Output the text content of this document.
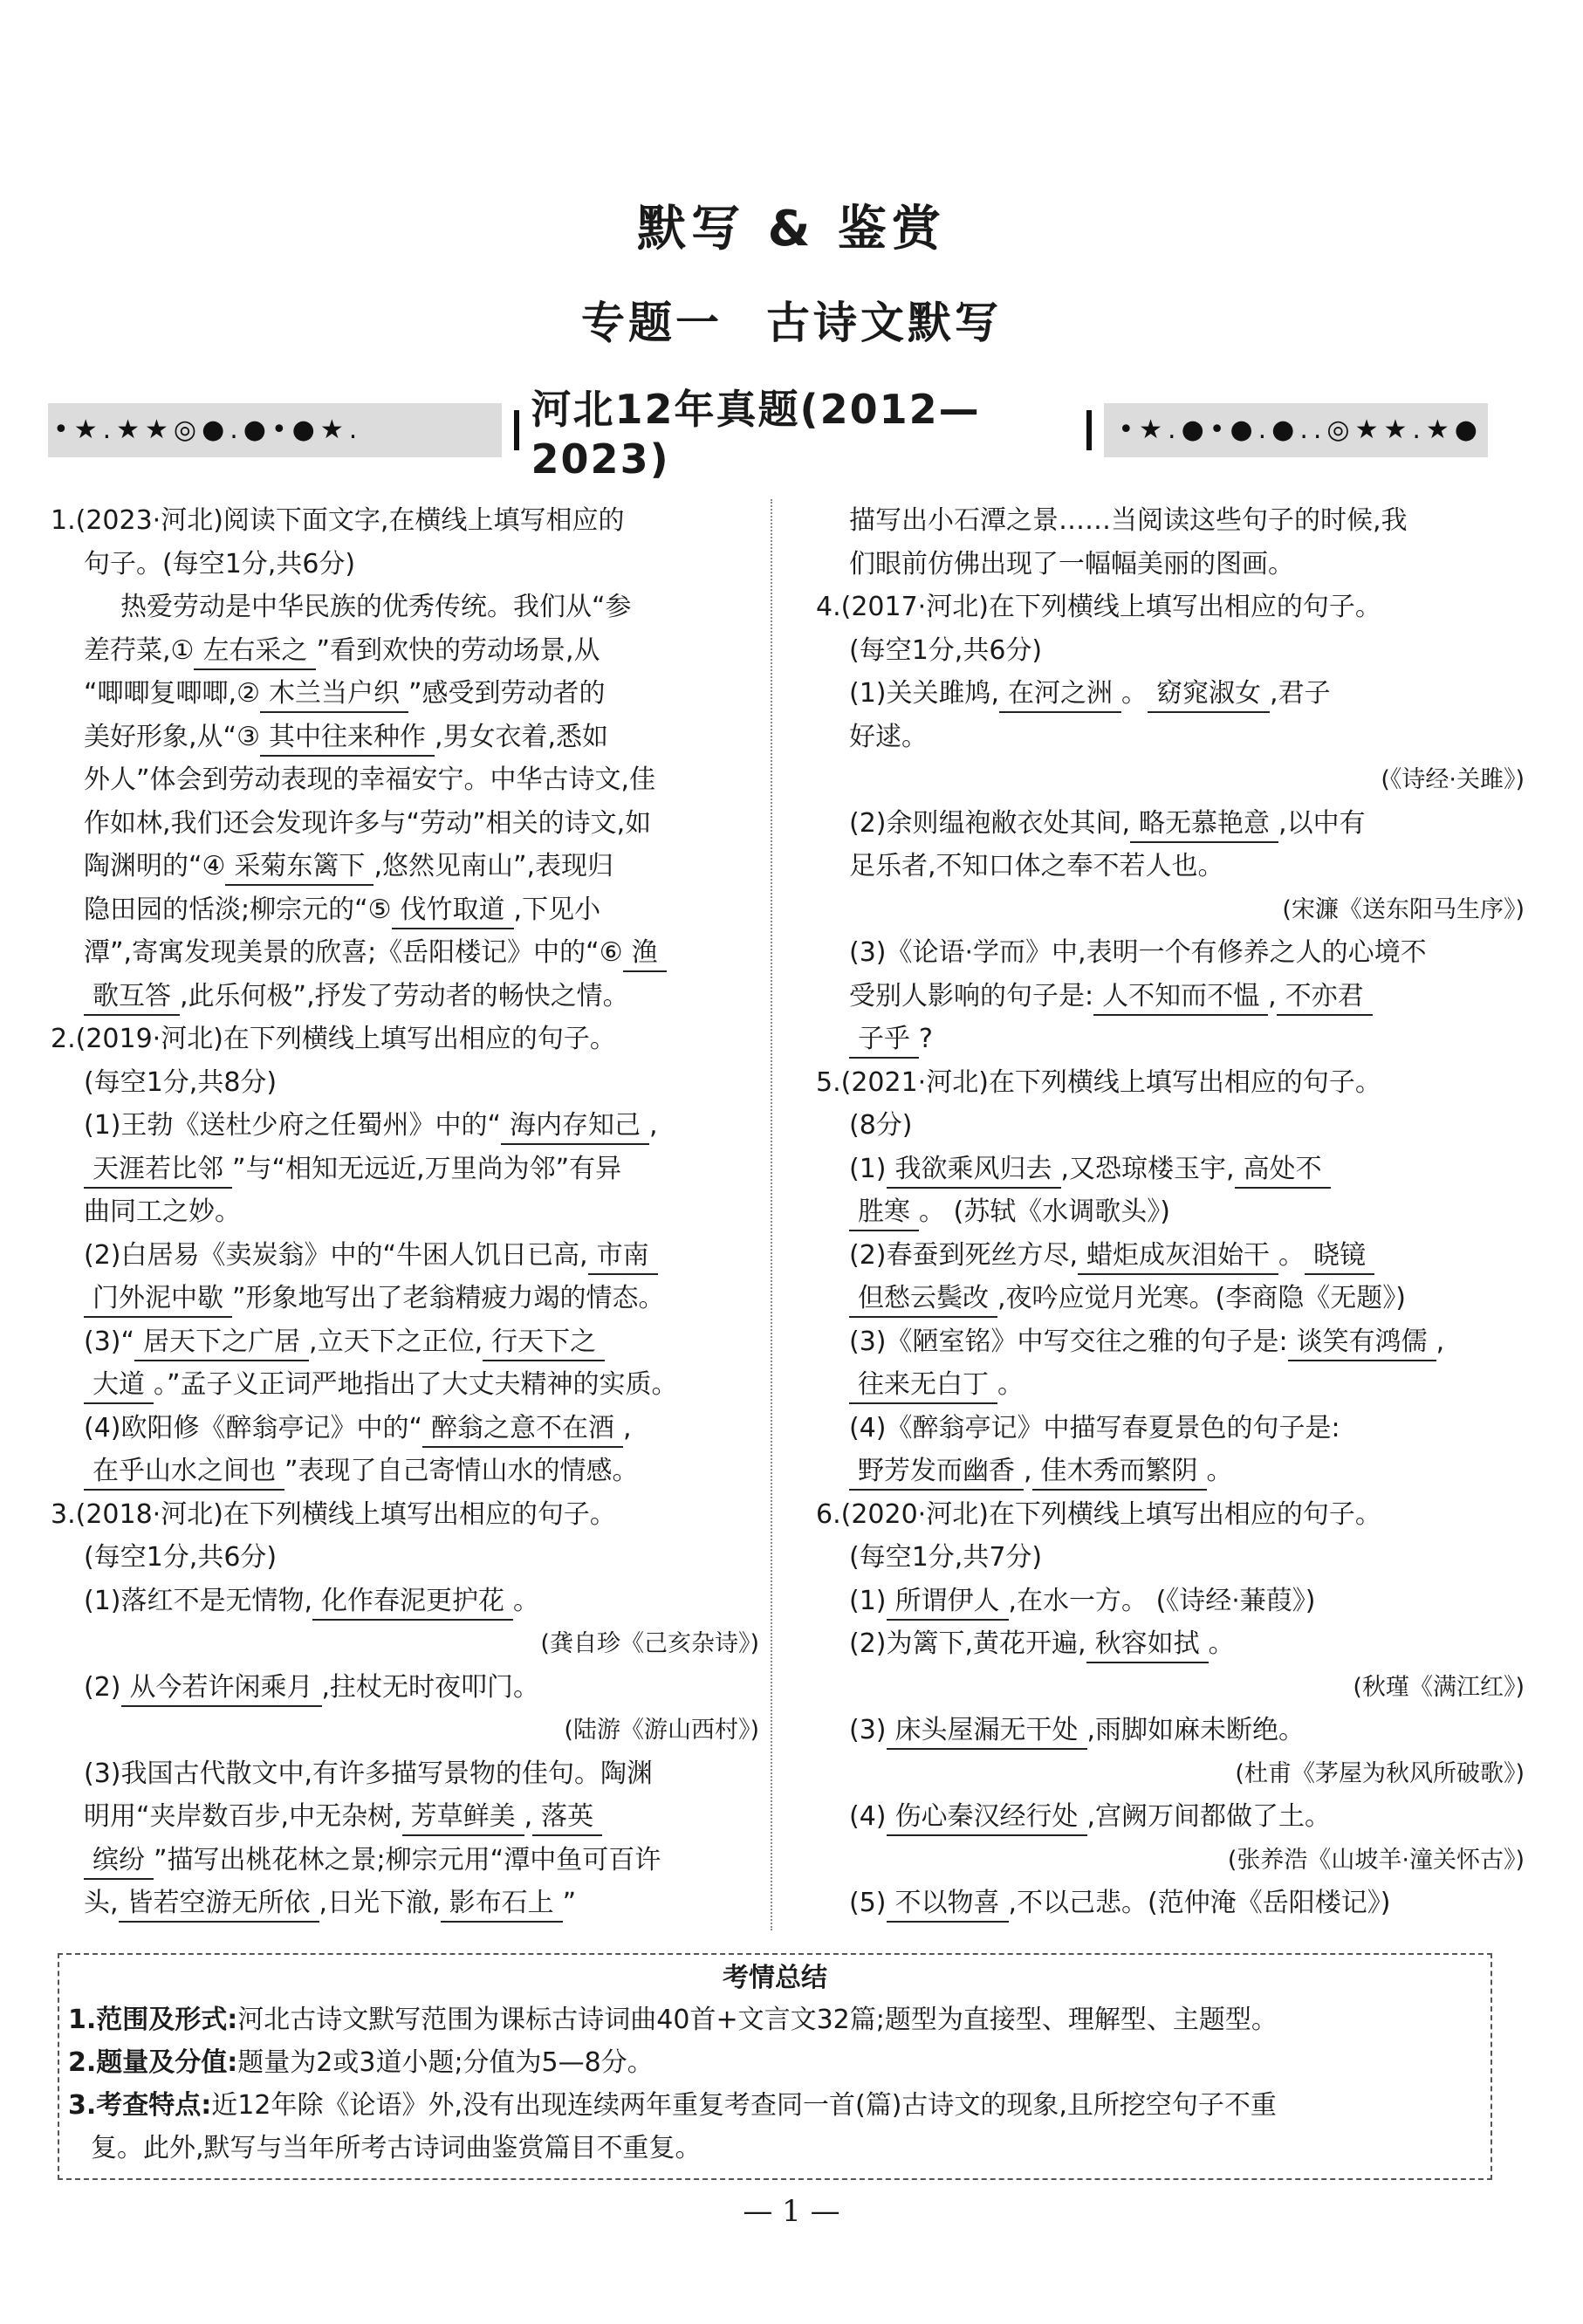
默写 & 鉴赏
专题一 古诗文默写
•★.★★◎●.●•●★.	河北12年真题(2012—2023)
•★.●•●.●..◎★★.★●
1.(2023·河北)阅读下面文字,在横线上填写相应的
句子。(每空1分,共6分)
热爱劳动是中华民族的优秀传统。我们从“参
差荇菜,① 左右采之 ”看到欢快的劳动场景,从
“唧唧复唧唧,② 木兰当户织 ”感受到劳动者的
美好形象,从“③ 其中往来种作 ,男女衣着,悉如
外人”体会到劳动表现的幸福安宁。中华古诗文,佳
作如林,我们还会发现许多与“劳动”相关的诗文,如
陶渊明的“④ 采菊东篱下 ,悠然见南山”,表现归
隐田园的恬淡;柳宗元的“⑤ 伐竹取道 ,下见小
潭”,寄寓发现美景的欣喜;《岳阳楼记》中的“⑥ 渔
歌互答 ,此乐何极”,抒发了劳动者的畅快之情。
2.(2019·河北)在下列横线上填写出相应的句子。
(每空1分,共8分)
(1)王勃《送杜少府之任蜀州》中的“ 海内存知己 ,
天涯若比邻 ”与“相知无远近,万里尚为邻”有异
曲同工之妙。
(2)白居易《卖炭翁》中的“牛困人饥日已高, 市南
门外泥中歇 ”形象地写出了老翁精疲力竭的情态。
(3)“ 居天下之广居 ,立天下之正位, 行天下之
大道 。”孟子义正词严地指出了大丈夫精神的实质。
(4)欧阳修《醉翁亭记》中的“ 醉翁之意不在酒 ,
在乎山水之间也 ”表现了自己寄情山水的情感。
3.(2018·河北)在下列横线上填写出相应的句子。
(每空1分,共6分)
(1)落红不是无情物, 化作春泥更护花 。
(龚自珍《己亥杂诗》)
(2) 从今若许闲乘月 ,拄杖无时夜叩门。
(陆游《游山西村》)
(3)我国古代散文中,有许多描写景物的佳句。陶渊
明用“夹岸数百步,中无杂树, 芳草鲜美 , 落英
缤纷 ”描写出桃花林之景;柳宗元用“潭中鱼可百许
头, 皆若空游无所依 ,日光下澈, 影布石上 ”
描写出小石潭之景……当阅读这些句子的时候,我
们眼前仿佛出现了一幅幅美丽的图画。
4.(2017·河北)在下列横线上填写出相应的句子。
(每空1分,共6分)
(1)关关雎鸠, 在河之洲 。 窈窕淑女 ,君子
好逑。
(《诗经·关雎》)
(2)余则缊袍敝衣处其间, 略无慕艳意 ,以中有
足乐者,不知口体之奉不若人也。
(宋濂《送东阳马生序》)
(3)《论语·学而》中,表明一个有修养之人的心境不
受别人影响的句子是: 人不知而不愠 , 不亦君
子乎 ?
5.(2021·河北)在下列横线上填写出相应的句子。
(8分)
(1) 我欲乘风归去 ,又恐琼楼玉宇, 高处不
胜寒 。 (苏轼《水调歌头》)
(2)春蚕到死丝方尽, 蜡炬成灰泪始干 。 晓镜
但愁云鬓改 ,夜吟应觉月光寒。(李商隐《无题》)
(3)《陋室铭》中写交往之雅的句子是: 谈笑有鸿儒 ,
往来无白丁 。
(4)《醉翁亭记》中描写春夏景色的句子是:
野芳发而幽香 , 佳木秀而繁阴 。
6.(2020·河北)在下列横线上填写出相应的句子。
(每空1分,共7分)
(1) 所谓伊人 ,在水一方。 (《诗经·蒹葭》)
(2)为篱下,黄花开遍, 秋容如拭 。
(秋瑾《满江红》)
(3) 床头屋漏无干处 ,雨脚如麻未断绝。
(杜甫《茅屋为秋风所破歌》)
(4) 伤心秦汉经行处 ,宫阙万间都做了土。
(张养浩《山坡羊·潼关怀古》)
(5) 不以物喜 ,不以己悲。(范仲淹《岳阳楼记》)
考情总结
1.范围及形式:河北古诗文默写范围为课标古诗词曲40首+文言文32篇;题型为直接型、理解型、主题型。
2.题量及分值:题量为2或3道小题;分值为5—8分。
3.考查特点:近12年除《论语》外,没有出现连续两年重复考查同一首(篇)古诗文的现象,且所挖空句子不重
复。此外,默写与当年所考古诗词曲鉴赏篇目不重复。
— 1 —
